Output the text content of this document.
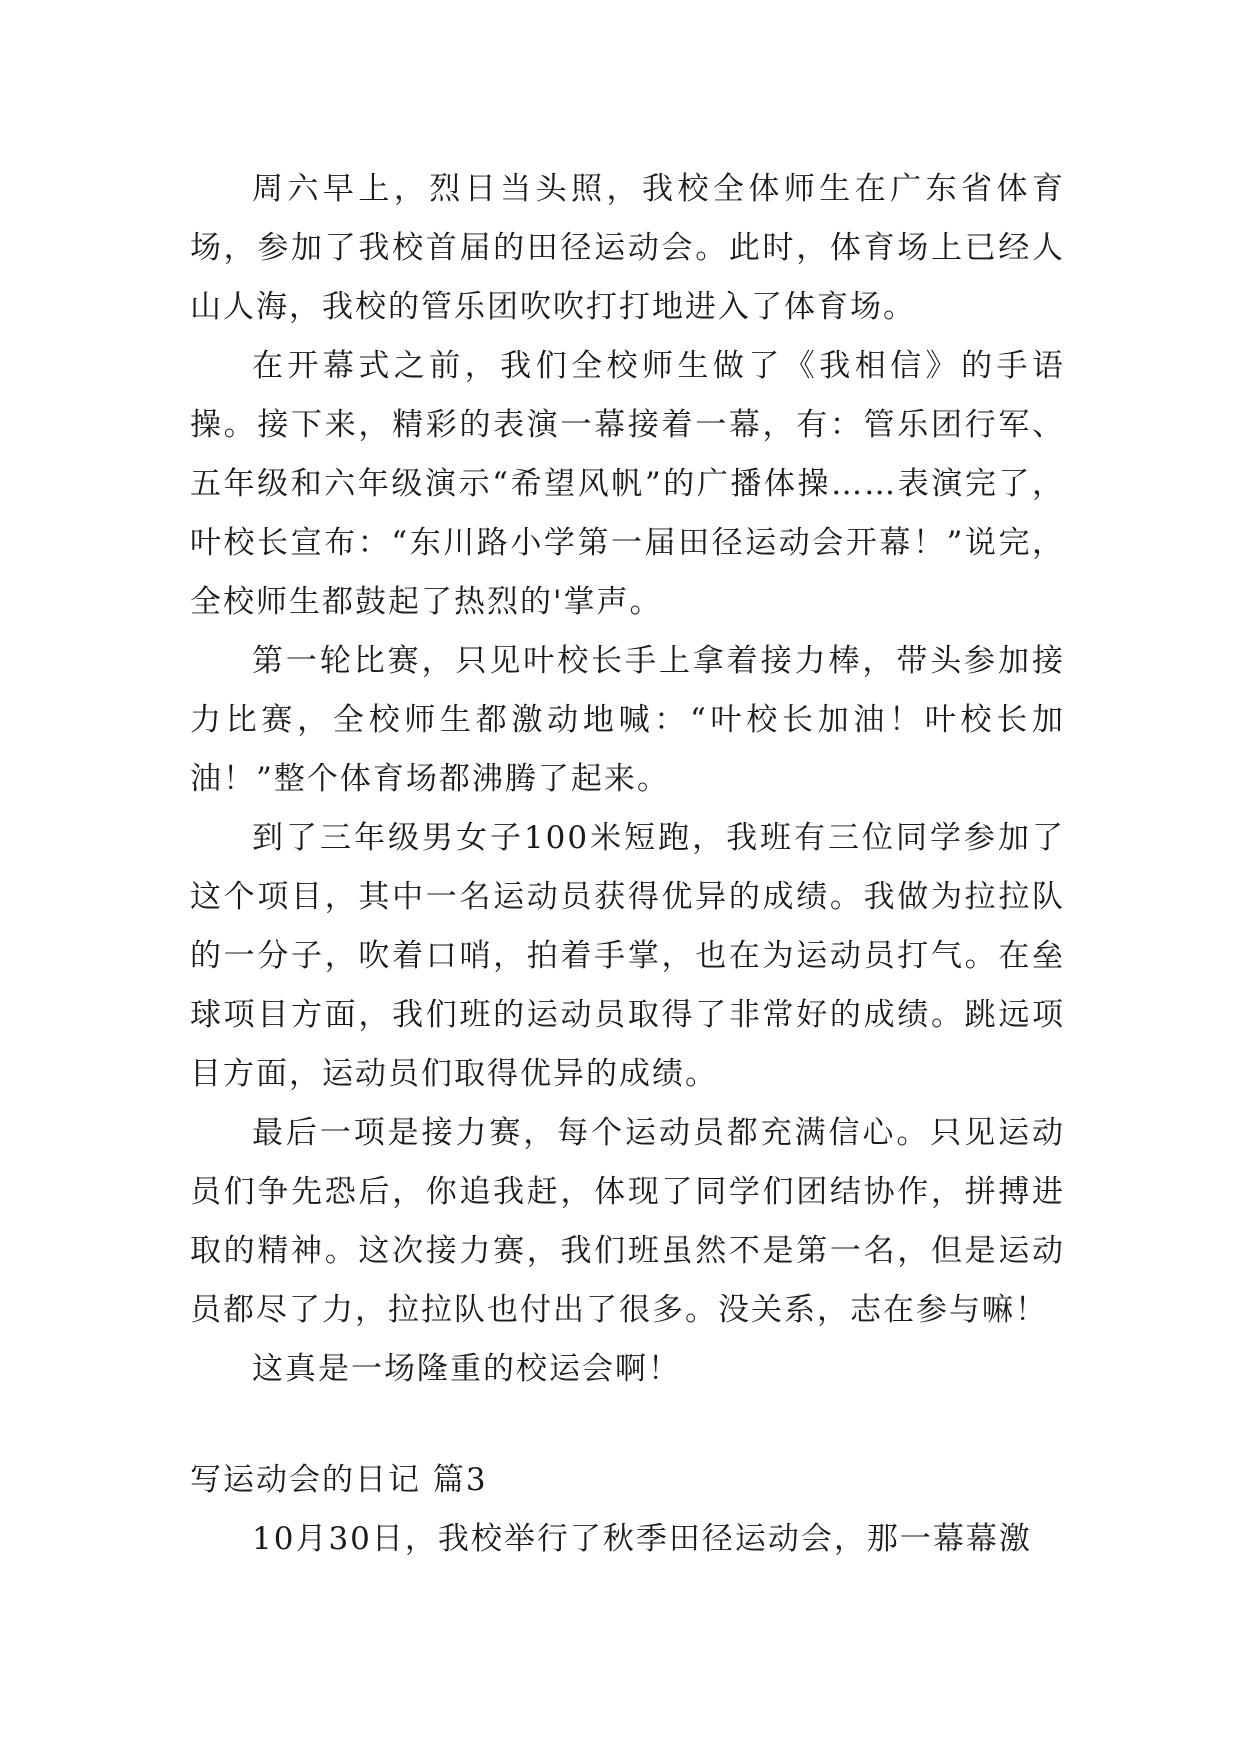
周六早上，烈日当头照，我校全体师生在广东省体育场，参加了我校首届的田径运动会。此时，体育场上已经人山人海，我校的管乐团吹吹打打地进入了体育场。

在开幕式之前，我们全校师生做了《我相信》的手语操。接下来，精彩的表演一幕接着一幕，有：管乐团行军、五年级和六年级演示“希望风帆”的广播体操……表演完了，叶校长宣布：“东川路小学第一届田径运动会开幕！”说完，全校师生都鼓起了热烈的'掌声。

第一轮比赛，只见叶校长手上拿着接力棒，带头参加接力比赛，全校师生都激动地喊：“叶校长加油！叶校长加油！”整个体育场都沸腾了起来。

到了三年级男女子100米短跑，我班有三位同学参加了这个项目，其中一名运动员获得优异的成绩。我做为拉拉队的一分子，吹着口哨，拍着手掌，也在为运动员打气。在垒球项目方面，我们班的运动员取得了非常好的成绩。跳远项目方面，运动员们取得优异的成绩。

最后一项是接力赛，每个运动员都充满信心。只见运动员们争先恐后，你追我赶，体现了同学们团结协作，拼搏进取的精神。这次接力赛，我们班虽然不是第一名，但是运动员都尽了力，拉拉队也付出了很多。没关系，志在参与嘛！

这真是一场隆重的校运会啊！

写运动会的日记 篇3

10月30日，我校举行了秋季田径运动会，那一幕幕激
